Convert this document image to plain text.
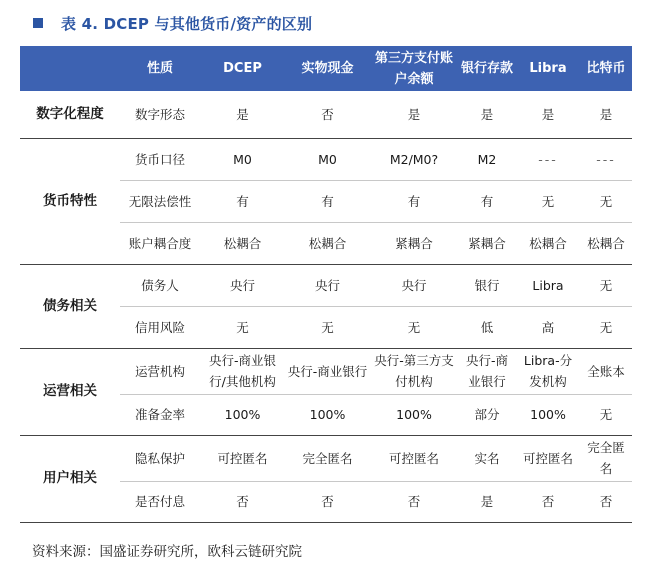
表 4. DCEP 与其他货币/资产的区别
	性质	DCEP	实物现金	第三方支付账户余额	银行存款	Libra	比特币
数字化程度	数字形态	是	否	是	是	是	是
货币特性	货币口径	M0	M0	M2/M0?	M2	---	---
	无限法偿性	有	有	有	有	无	无
	账户耦合度	松耦合	松耦合	紧耦合	紧耦合	松耦合	松耦合
债务相关	债务人	央行	央行	央行	银行	Libra	无
	信用风险	无	无	无	低	高	无
运营相关	运营机构	央行-商业银行/其他机构	央行-商业银行	央行-第三方支付机构	央行-商业银行	Libra-分发机构	全账本
	准备金率	100%	100%	100%	部分	100%	无
用户相关	隐私保护	可控匿名	完全匿名	可控匿名	实名	可控匿名	完全匿名
	是否付息	否	否	否	是	否	否
资料来源：国盛证券研究所，欧科云链研究院
